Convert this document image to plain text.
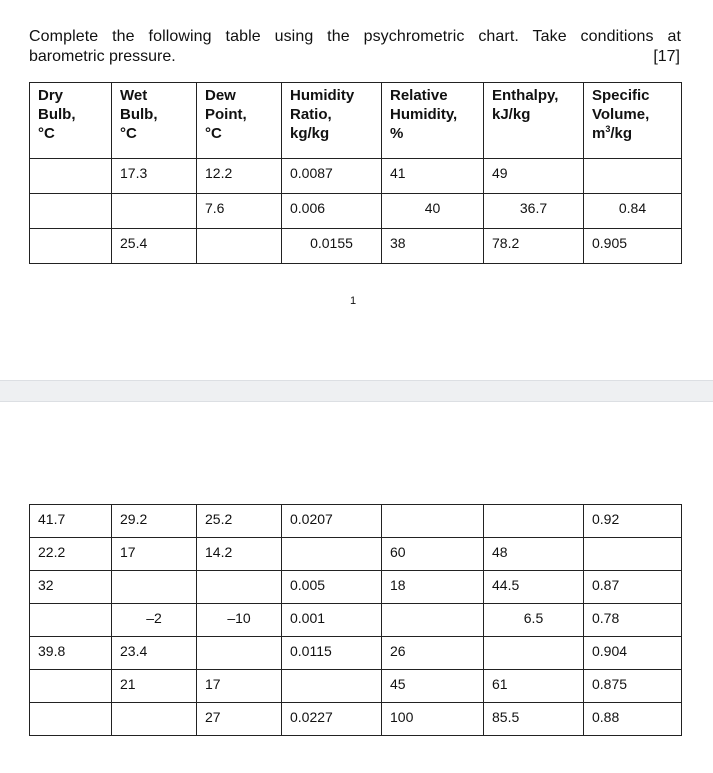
Complete the following table using the psychrometric chart. Take conditions at
barometric pressure.	[17]
Dry
Bulb,
°C	Wet
Bulb,
°C	Dew
Point,
°C	Humidity
Ratio,
kg/kg	Relative
Humidity,
%	Enthalpy,
kJ/kg	Specific
Volume,
$m^3/kg$

	17.3	12.2	0.0087	41	49	
		7.6	0.006	40	36.7	0.84
	25.4		0.0155	38	78.2	0.905
1
41.7	29.2	25.2	0.0207			0.92
22.2	17	14.2		60	48	
32			0.005	18	44.5	0.87
	–2	–10	0.001		6.5	0.78
39.8	23.4		0.0115	26		0.904
	21	17		45	61	0.875
		27	0.0227	100	85.5	0.88
